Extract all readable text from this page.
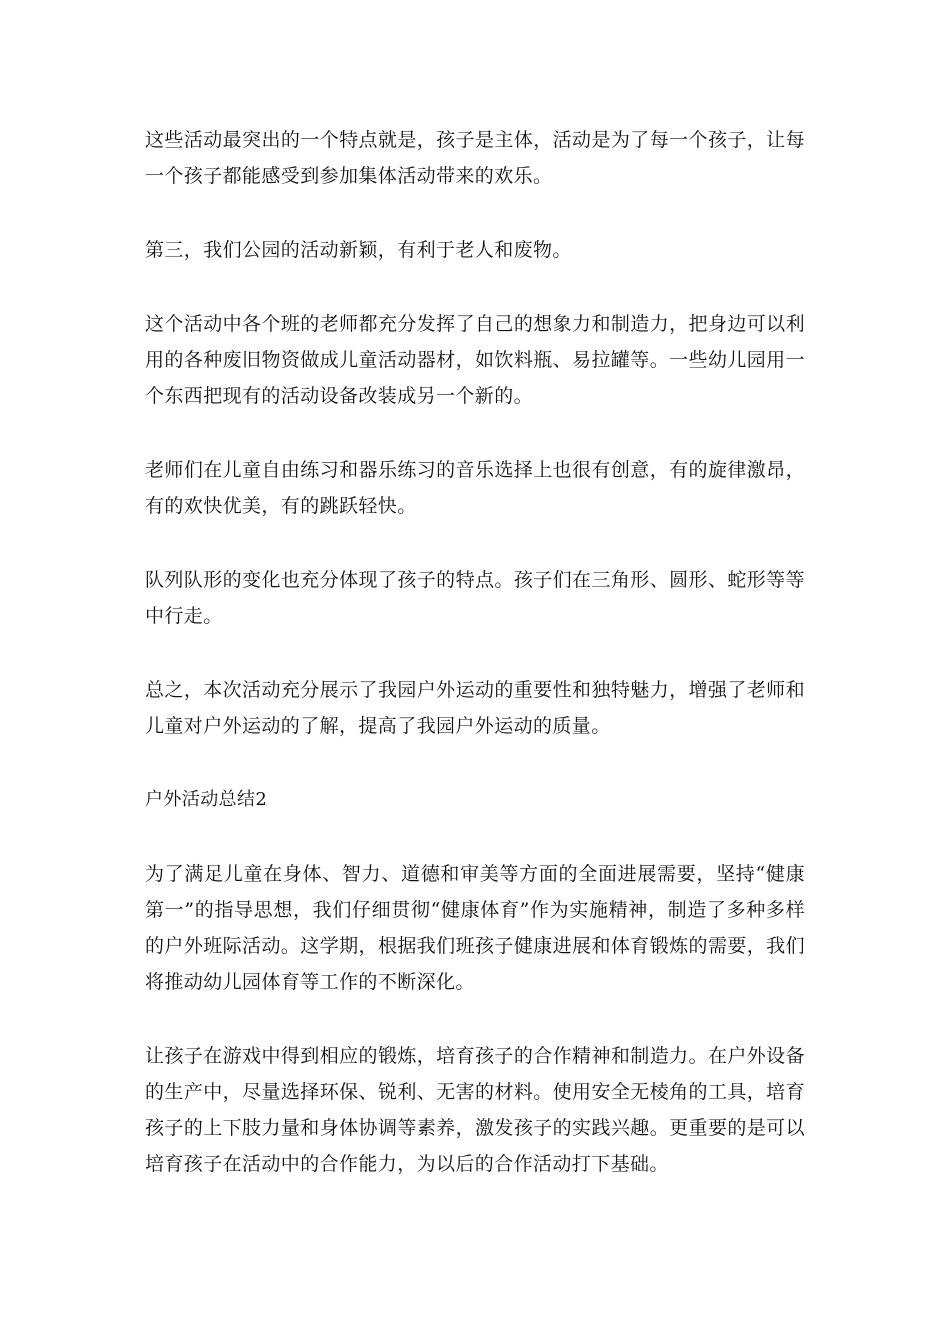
这些活动最突出的一个特点就是，孩子是主体，活动是为了每一个孩子，让每一个孩子都能感受到参加集体活动带来的欢乐。

第三，我们公园的活动新颖，有利于老人和废物。

这个活动中各个班的老师都充分发挥了自己的想象力和制造力，把身边可以利用的各种废旧物资做成儿童活动器材，如饮料瓶、易拉罐等。一些幼儿园用一个东西把现有的活动设备改装成另一个新的。

老师们在儿童自由练习和器乐练习的音乐选择上也很有创意，有的旋律激昂，有的欢快优美，有的跳跃轻快。

队列队形的变化也充分体现了孩子的特点。孩子们在三角形、圆形、蛇形等等中行走。

总之，本次活动充分展示了我园户外运动的重要性和独特魅力，增强了老师和儿童对户外运动的了解，提高了我园户外运动的质量。

户外活动总结2

为了满足儿童在身体、智力、道德和审美等方面的全面进展需要，坚持“健康第一”的指导思想，我们仔细贯彻“健康体育”作为实施精神，制造了多种多样的户外班际活动。这学期，根据我们班孩子健康进展和体育锻炼的需要，我们将推动幼儿园体育等工作的不断深化。

让孩子在游戏中得到相应的锻炼，培育孩子的合作精神和制造力。在户外设备的生产中，尽量选择环保、锐利、无害的材料。使用安全无棱角的工具，培育孩子的上下肢力量和身体协调等素养，激发孩子的实践兴趣。更重要的是可以培育孩子在活动中的合作能力，为以后的合作活动打下基础。
